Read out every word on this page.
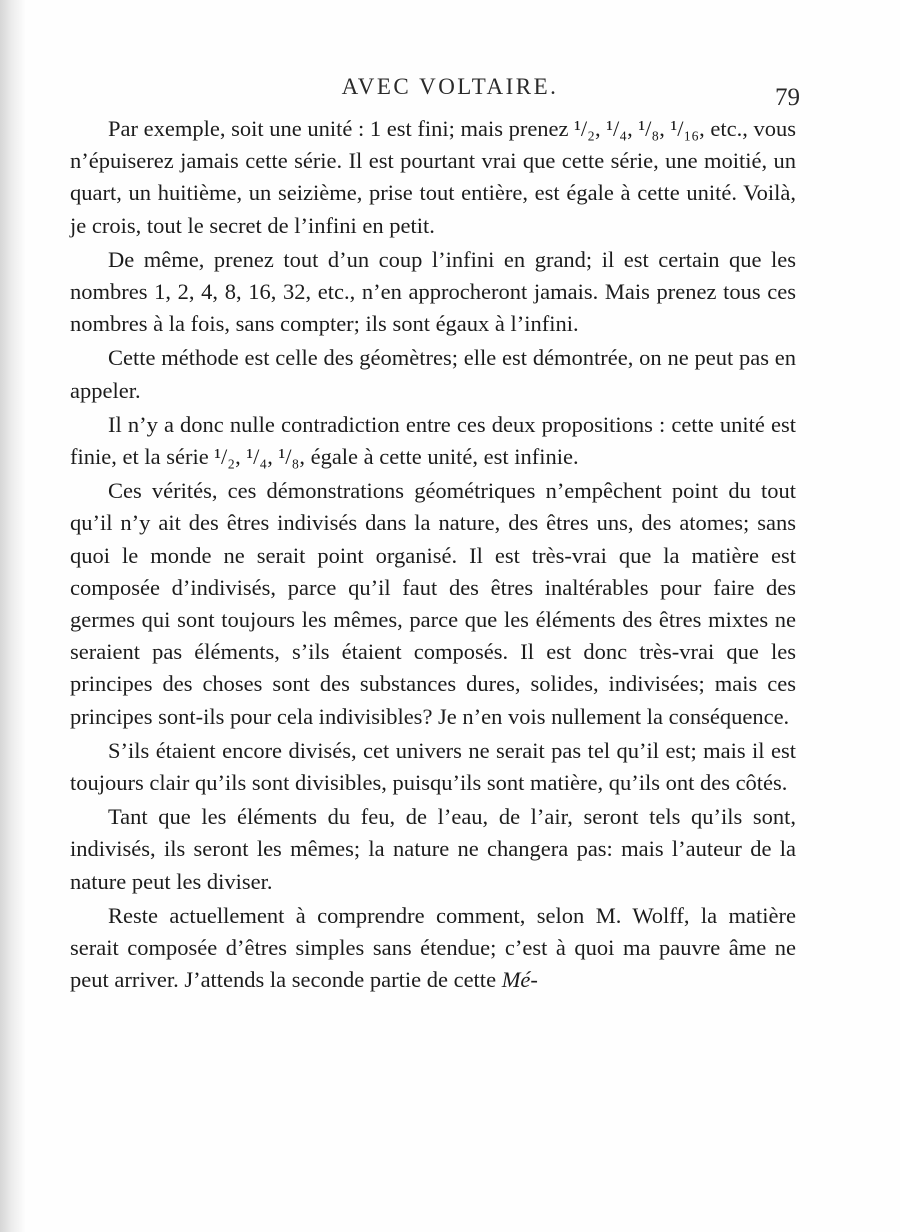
AVEC VOLTAIRE.	79

Par exemple, soit une unité : 1 est fini; mais prenez ¹/₂, ¹/₄, ¹/₈, ¹/₁₆, etc., vous n’épuiserez jamais cette série. Il est pourtant vrai que cette série, une moitié, un quart, un huitième, un seizième, prise tout entière, est égale à cette unité. Voilà, je crois, tout le secret de l’infini en petit.

De même, prenez tout d’un coup l’infini en grand; il est certain que les nombres 1, 2, 4, 8, 16, 32, etc., n’en approcheront jamais. Mais prenez tous ces nombres à la fois, sans compter; ils sont égaux à l’infini.

Cette méthode est celle des géomètres; elle est démontrée, on ne peut pas en appeler.

Il n’y a donc nulle contradiction entre ces deux propositions : cette unité est finie, et la série ¹/₂, ¹/₄, ¹/₈, égale à cette unité, est infinie.

Ces vérités, ces démonstrations géométriques n’empêchent point du tout qu’il n’y ait des êtres indivisés dans la nature, des êtres uns, des atomes; sans quoi le monde ne serait point organisé. Il est très-vrai que la matière est composée d’indivisés, parce qu’il faut des êtres inaltérables pour faire des germes qui sont toujours les mêmes, parce que les éléments des êtres mixtes ne seraient pas éléments, s’ils étaient composés. Il est donc très-vrai que les principes des choses sont des substances dures, solides, indivisées; mais ces principes sont-ils pour cela indivisibles? Je n’en vois nullement la conséquence.

S’ils étaient encore divisés, cet univers ne serait pas tel qu’il est; mais il est toujours clair qu’ils sont divisibles, puisqu’ils sont matière, qu’ils ont des côtés.

Tant que les éléments du feu, de l’eau, de l’air, seront tels qu’ils sont, indivisés, ils seront les mêmes; la nature ne changera pas: mais l’auteur de la nature peut les diviser.

Reste actuellement à comprendre comment, selon M. Wolff, la matière serait composée d’êtres simples sans étendue; c’est à quoi ma pauvre âme ne peut arriver. J’attends la seconde partie de cette Mé-
